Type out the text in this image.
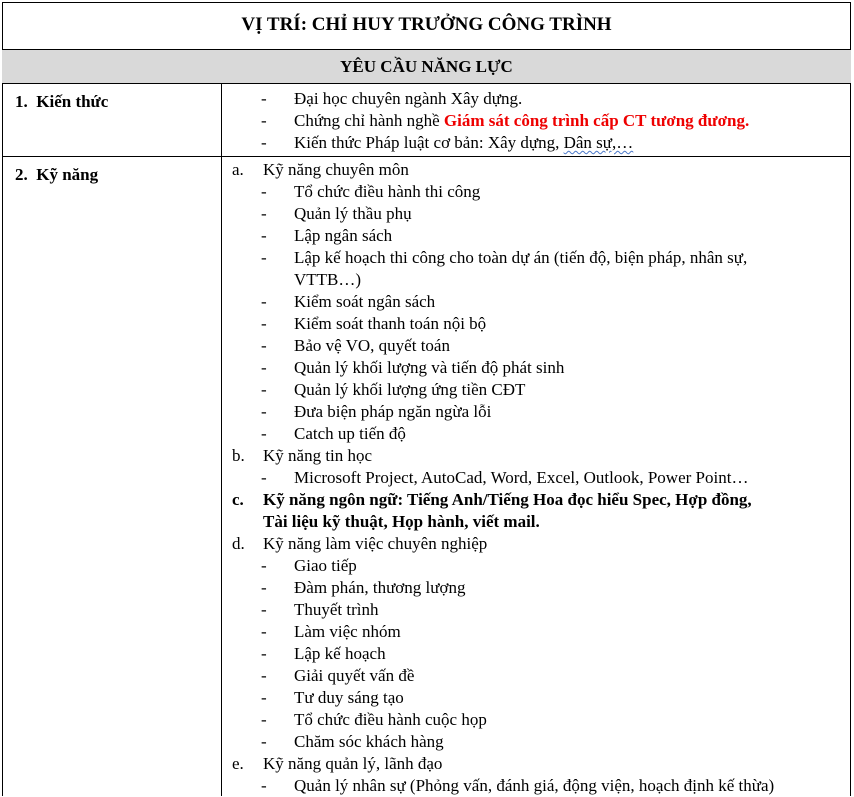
VỊ TRÍ: CHỈ HUY TRƯỞNG CÔNG TRÌNH
YÊU CẦU NĂNG LỰC
1. Kiến thức	- Đại học chuyên ngành Xây dựng.
- Chứng chỉ hành nghề Giám sát công trình cấp CT tương đương.
- Kiến thức Pháp luật cơ bản: Xây dựng, Dân sự,…
2. Kỹ năng	a. Kỹ năng chuyên môn
- Tổ chức điều hành thi công
- Quản lý thầu phụ
- Lập ngân sách
- Lập kế hoạch thi công cho toàn dự án (tiến độ, biện pháp, nhân sự,
VTTB…)
- Kiểm soát ngân sách
- Kiểm soát thanh toán nội bộ
- Bảo vệ VO, quyết toán
- Quản lý khối lượng và tiến độ phát sinh
- Quản lý khối lượng ứng tiền CĐT
- Đưa biện pháp ngăn ngừa lỗi
- Catch up tiến độ
b. Kỹ năng tin học
- Microsoft Project, AutoCad, Word, Excel, Outlook, Power Point…
c. Kỹ năng ngôn ngữ: Tiếng Anh/Tiếng Hoa đọc hiểu Spec, Hợp đồng,
Tài liệu kỹ thuật, Họp hành, viết mail.
d. Kỹ năng làm việc chuyên nghiệp
- Giao tiếp
- Đàm phán, thương lượng
- Thuyết trình
- Làm việc nhóm
- Lập kế hoạch
- Giải quyết vấn đề
- Tư duy sáng tạo
- Tổ chức điều hành cuộc họp
- Chăm sóc khách hàng
e. Kỹ năng quản lý, lãnh đạo
- Quản lý nhân sự (Phỏng vấn, đánh giá, động viện, hoạch định kế thừa)
